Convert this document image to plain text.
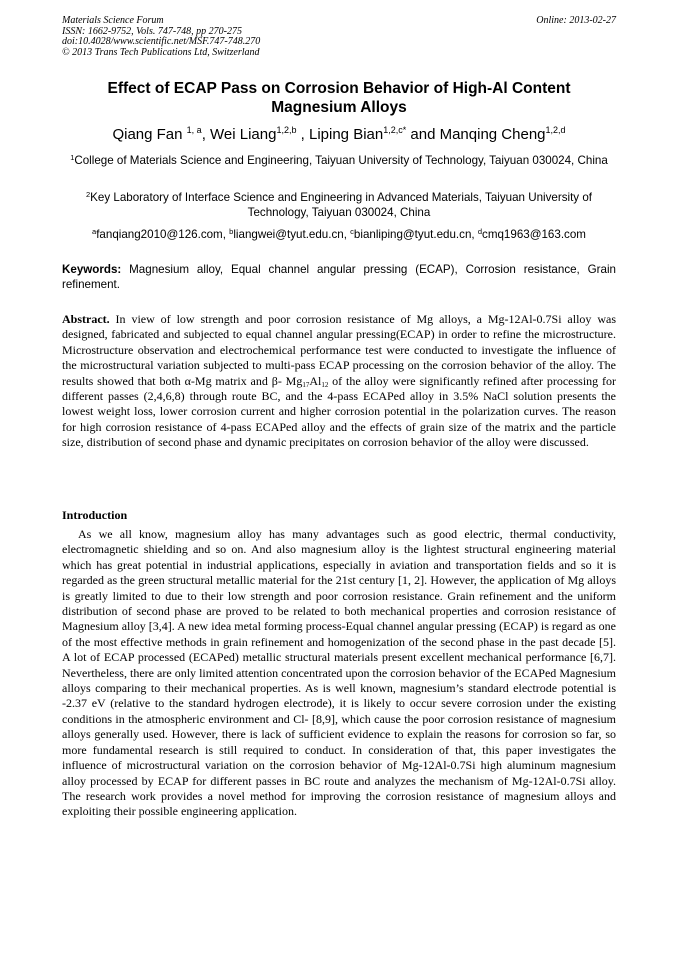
Materials Science Forum
ISSN: 1662-9752, Vols. 747-748, pp 270-275
doi:10.4028/www.scientific.net/MSF.747-748.270
© 2013 Trans Tech Publications Ltd, Switzerland
Online: 2013-02-27
Effect of ECAP Pass on Corrosion Behavior of High-Al Content
Magnesium Alloys
Qiang Fan $^{1, a}$, Wei Liang$^{1,2,b}$ , Liping Bian$^{1,2,c*}$ and Manqing Cheng$^{1,2,d}$
$^1$College of Materials Science and Engineering, Taiyuan University of Technology, Taiyuan 030024, China
$^2$Key Laboratory of Interface Science and Engineering in Advanced Materials, Taiyuan University of Technology, Taiyuan 030024, China
$^a$fanqiang2010@126.com, $^b$liangwei@tyut.edu.cn, $^c$bianliping@tyut.edu.cn, $^d$cmq1963@163.com
Keywords: Magnesium alloy, Equal channel angular pressing (ECAP), Corrosion resistance, Grain refinement.
Abstract. In view of low strength and poor corrosion resistance of Mg alloys, a Mg-12Al-0.7Si alloy was designed, fabricated and subjected to equal channel angular pressing(ECAP) in order to refine the microstructure. Microstructure observation and electrochemical performance test were conducted to investigate the influence of the microstructural variation subjected to multi-pass ECAP processing on the corrosion behavior of the alloy. The results showed that both α-Mg matrix and β- $Mg_{17}Al_{12}$ of the alloy were significantly refined after processing for different passes (2,4,6,8) through route BC, and the 4-pass ECAPed alloy in 3.5% NaCl solution presents the lowest weight loss, lower corrosion current and higher corrosion potential in the polarization curves. The reason for high corrosion resistance of 4-pass ECAPed alloy and the effects of grain size of the matrix and the particle size, distribution of second phase and dynamic precipitates on corrosion behavior of the alloy were discussed.
Introduction
As we all know, magnesium alloy has many advantages such as good electric, thermal conductivity, electromagnetic shielding and so on. And also magnesium alloy is the lightest structural engineering material which has great potential in industrial applications, especially in aviation and transportation fields and so it is regarded as the green structural metallic material for the 21st century [1, 2]. However, the application of Mg alloys is greatly limited to due to their low strength and poor corrosion resistance. Grain refinement and the uniform distribution of second phase are proved to be related to both mechanical properties and corrosion resistance of Magnesium alloy [3,4]. A new idea metal forming process-Equal channel angular pressing (ECAP) is regard as one of the most effective methods in grain refinement and homogenization of the second phase in the past decade [5]. A lot of ECAP processed (ECAPed) metallic structural materials present excellent mechanical performance [6,7]. Nevertheless, there are only limited attention concentrated upon the corrosion behavior of the ECAPed Magnesium alloys comparing to their mechanical properties. As is well known, magnesium’s standard electrode potential is -2.37 eV (relative to the standard hydrogen electrode), it is likely to occur severe corrosion under the existing conditions in the atmospheric environment and Cl- [8,9], which cause the poor corrosion resistance of magnesium alloys generally used. However, there is lack of sufficient evidence to explain the reasons for corrosion so far, so more fundamental research is still required to conduct. In consideration of that, this paper investigates the influence of microstructural variation on the corrosion behavior of Mg-12Al-0.7Si high aluminum magnesium alloy processed by ECAP for different passes in BC route and analyzes the mechanism of Mg-12Al-0.7Si alloy. The research work provides a novel method for improving the corrosion resistance of magnesium alloys and exploiting their possible engineering application.
